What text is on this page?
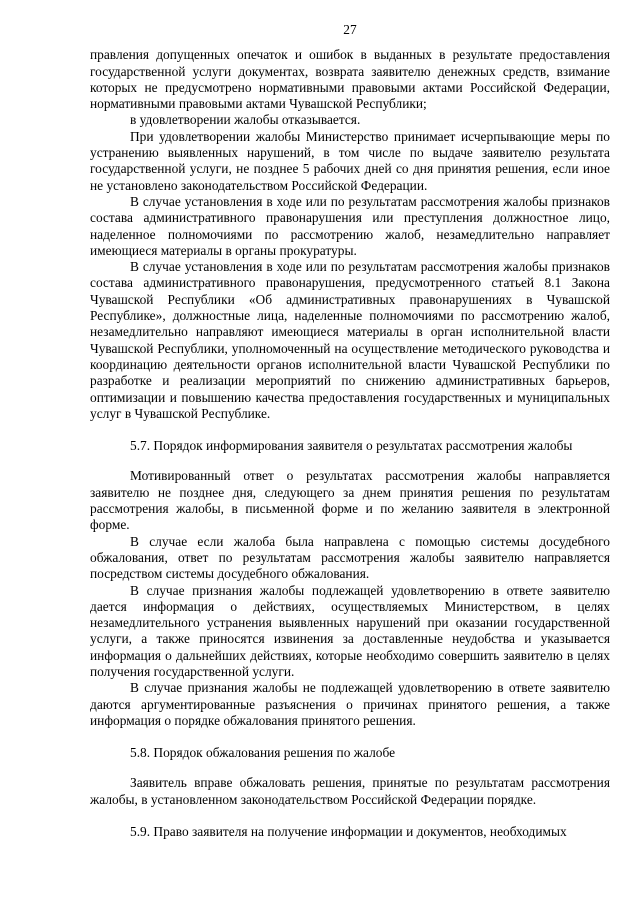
27

правления допущенных опечаток и ошибок в выданных в результате предоставления государственной услуги документах, возврата заявителю денежных средств, взимание которых не предусмотрено нормативными правовыми актами Российской Федерации, нормативными правовыми актами Чувашской Республики;

в удовлетворении жалобы отказывается.

При удовлетворении жалобы Министерство принимает исчерпывающие меры по устранению выявленных нарушений, в том числе по выдаче заявителю результата государственной услуги, не позднее 5 рабочих дней со дня принятия решения, если иное не установлено законодательством Российской Федерации.

В случае установления в ходе или по результатам рассмотрения жалобы признаков состава административного правонарушения или преступления должностное лицо, наделенное полномочиями по рассмотрению жалоб, незамедлительно направляет имеющиеся материалы в органы прокуратуры.

В случае установления в ходе или по результатам рассмотрения жалобы признаков состава административного правонарушения, предусмотренного статьей 8.1 Закона Чувашской Республики «Об административных правонарушениях в Чувашской Республике», должностные лица, наделенные полномочиями по рассмотрению жалоб, незамедлительно направляют имеющиеся материалы в орган исполнительной власти Чувашской Республики, уполномоченный на осуществление методического руководства и координацию деятельности органов исполнительной власти Чувашской Республики по разработке и реализации мероприятий по снижению административных барьеров, оптимизации и повышению качества предоставления государственных и муниципальных услуг в Чувашской Республике.

5.7. Порядок информирования заявителя о результатах рассмотрения жалобы

Мотивированный ответ о результатах рассмотрения жалобы направляется заявителю не позднее дня, следующего за днем принятия решения по результатам рассмотрения жалобы, в письменной форме и по желанию заявителя в электронной форме.

В случае если жалоба была направлена с помощью системы досудебного обжалования, ответ по результатам рассмотрения жалобы заявителю направляется посредством системы досудебного обжалования.

В случае признания жалобы подлежащей удовлетворению в ответе заявителю дается информация о действиях, осуществляемых Министерством, в целях незамедлительного устранения выявленных нарушений при оказании государственной услуги, а также приносятся извинения за доставленные неудобства и указывается информация о дальнейших действиях, которые необходимо совершить заявителю в целях получения государственной услуги.

В случае признания жалобы не подлежащей удовлетворению в ответе заявителю даются аргументированные разъяснения о причинах принятого решения, а также информация о порядке обжалования принятого решения.

5.8. Порядок обжалования решения по жалобе

Заявитель вправе обжаловать решения, принятые по результатам рассмотрения жалобы, в установленном законодательством Российской Федерации порядке.

5.9. Право заявителя на получение информации и документов, необходимых
